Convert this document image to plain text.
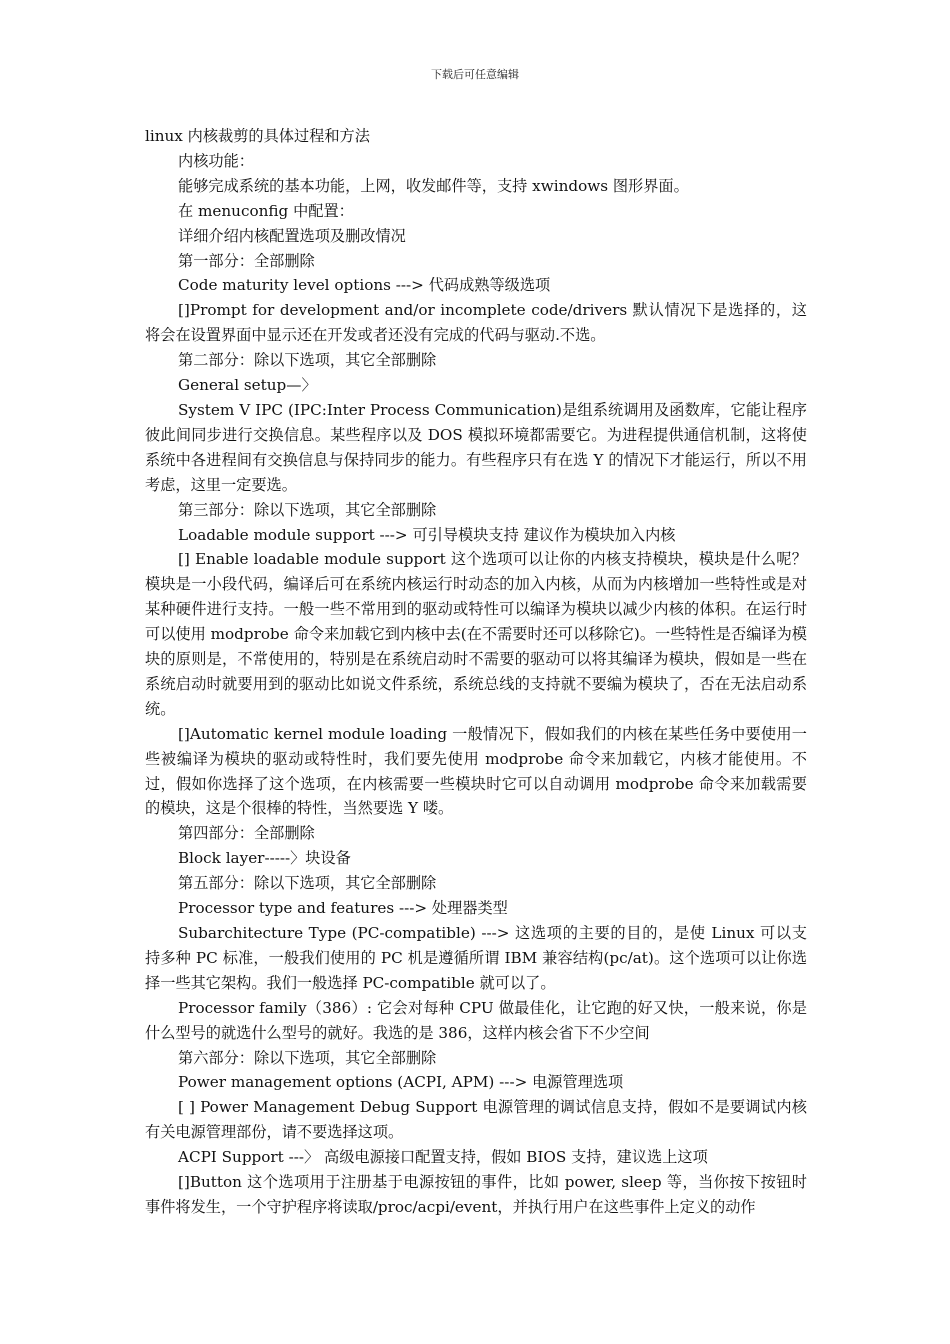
下载后可任意编辑

linux 内核裁剪的具体过程和方法

内核功能：

能够完成系统的基本功能，上网，收发邮件等，支持 xwindows 图形界面。

在 menuconfig 中配置：

详细介绍内核配置选项及删改情况

第一部分：全部删除

Code maturity level options ---> 代码成熟等级选项

[]Prompt for development and/or incomplete code/drivers 默认情况下是选择的，这将会在设置界面中显示还在开发或者还没有完成的代码与驱动.不选。

第二部分：除以下选项，其它全部删除

General setup—〉

System V IPC (IPC:Inter Process Communication)是组系统调用及函数库，它能让程序彼此间同步进行交换信息。某些程序以及 DOS 模拟环境都需要它。为进程提供通信机制，这将使系统中各进程间有交换信息与保持同步的能力。有些程序只有在选 Y 的情况下才能运行，所以不用考虑，这里一定要选。

第三部分：除以下选项，其它全部删除

Loadable module support ---> 可引导模块支持 建议作为模块加入内核

[] Enable loadable module support 这个选项可以让你的内核支持模块，模块是什么呢？模块是一小段代码，编译后可在系统内核运行时动态的加入内核，从而为内核增加一些特性或是对某种硬件进行支持。一般一些不常用到的驱动或特性可以编译为模块以减少内核的体积。在运行时可以使用 modprobe 命令来加载它到内核中去(在不需要时还可以移除它)。一些特性是否编译为模块的原则是，不常使用的，特别是在系统启动时不需要的驱动可以将其编译为模块，假如是一些在系统启动时就要用到的驱动比如说文件系统，系统总线的支持就不要编为模块了，否在无法启动系统。

[]Automatic kernel module loading 一般情况下，假如我们的内核在某些任务中要使用一些被编译为模块的驱动或特性时，我们要先使用 modprobe 命令来加载它，内核才能使用。不过，假如你选择了这个选项，在内核需要一些模块时它可以自动调用 modprobe 命令来加载需要的模块，这是个很棒的特性，当然要选 Y 喽。

第四部分：全部删除

Block layer-----〉块设备

第五部分：除以下选项，其它全部删除

Processor type and features ---> 处理器类型

Subarchitecture Type (PC-compatible) ---> 这选项的主要的目的，是使 Linux 可以支持多种 PC 标准，一般我们使用的 PC 机是遵循所谓 IBM 兼容结构(pc/at)。这个选项可以让你选择一些其它架构。我们一般选择 PC-compatible 就可以了。

Processor family（386）: 它会对每种 CPU 做最佳化，让它跑的好又快，一般来说，你是什么型号的就选什么型号的就好。我选的是 386，这样内核会省下不少空间

第六部分：除以下选项，其它全部删除

Power management options (ACPI, APM) ---> 电源管理选项

[ ] Power Management Debug Support 电源管理的调试信息支持，假如不是要调试内核有关电源管理部份，请不要选择这项。

ACPI Support ---〉 高级电源接口配置支持，假如 BIOS 支持，建议选上这项

[]Button 这个选项用于注册基于电源按钮的事件，比如 power, sleep 等，当你按下按钮时事件将发生，一个守护程序将读取/proc/acpi/event，并执行用户在这些事件上定义的动作
